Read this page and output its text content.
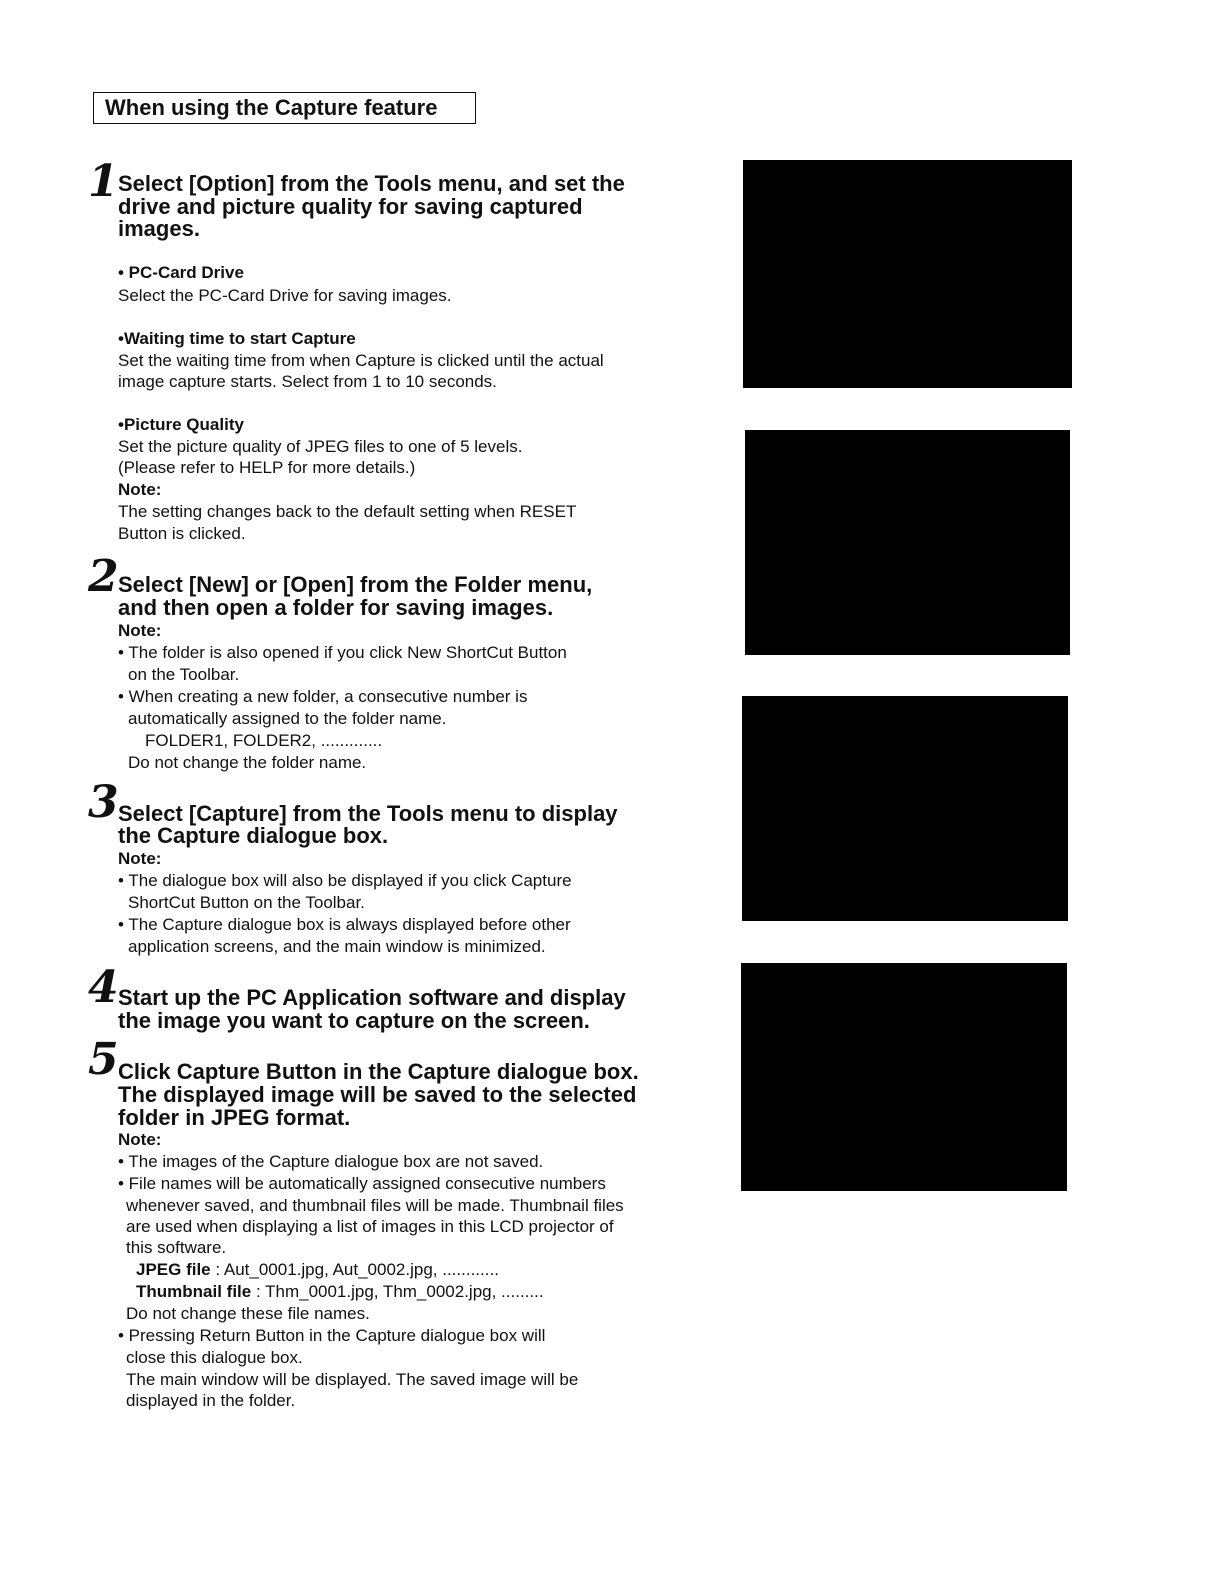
When using the Capture feature
1 Select [Option] from the Tools menu, and set the
drive and picture quality for saving captured
images.
• PC-Card Drive
Select the PC-Card Drive for saving images.
•Waiting time to start Capture
Set the waiting time from when Capture is clicked until the actual
image capture starts. Select from 1 to 10 seconds.
•Picture Quality
Set the picture quality of JPEG files to one of 5 levels.
(Please refer to HELP for more details.)
Note:
The setting changes back to the default setting when RESET
Button is clicked.
2 Select [New] or [Open] from the Folder menu,
and then open a folder for saving images.
Note:
• The folder is also opened if you click New ShortCut Button
on the Toolbar.
• When creating a new folder, a consecutive number is
automatically assigned to the folder name.
FOLDER1, FOLDER2, .............
Do not change the folder name.
3 Select [Capture] from the Tools menu to display
the Capture dialogue box.
Note:
• The dialogue box will also be displayed if you click Capture
ShortCut Button on the Toolbar.
• The Capture dialogue box is always displayed before other
application screens, and the main window is minimized.
4 Start up the PC Application software and display
the image you want to capture on the screen.
5 Click Capture Button in the Capture dialogue box.
The displayed image will be saved to the selected
folder in JPEG format.
Note:
• The images of the Capture dialogue box are not saved.
• File names will be automatically assigned consecutive numbers
whenever saved, and thumbnail files will be made. Thumbnail files
are used when displaying a list of images in this LCD projector of
this software.
JPEG file : Aut_0001.jpg, Aut_0002.jpg, ............
Thumbnail file : Thm_0001.jpg, Thm_0002.jpg, .........
Do not change these file names.
• Pressing Return Button in the Capture dialogue box will
close this dialogue box.
The main window will be displayed. The saved image will be
displayed in the folder.
